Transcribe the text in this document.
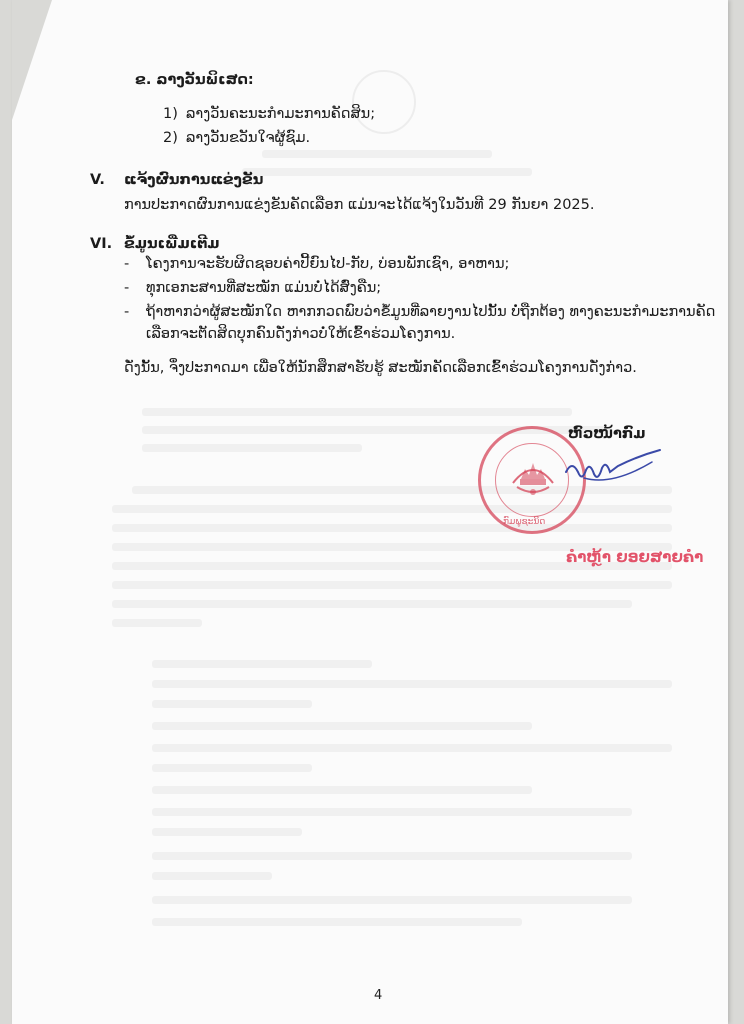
ຂ. ລາງວັນພິເສດ:
1) ລາງວັນຄະນະກຳມະການຄັດສິນ;
2) ລາງວັນຂວັນໃຈຜູ້ຊົມ.
V. ແຈ້ງຜົນການແຂ່ງຂັນ
ການປະກາດຜົນການແຂ່ງຂັນຄັດເລືອກ ແມ່ນຈະໄດ້ແຈ້ງໃນວັນທີ 29 ກັນຍາ 2025.
VI. ຂໍ້ມູນເພີ່ມເຕີມ
- ໂຄງການຈະຮັບຜິດຊອບຄ່າປີ້ຍົນໄປ-ກັບ, ບ່ອນພັກເຊົາ, ອາຫານ;
- ທຸກເອກະສານທີ່ສະໝັກ ແມ່ນບໍ່ໄດ້ສົ່ງຄືນ;
- ຖ້າຫາກວ່າຜູ້ສະໝັກໃດ ຫາກກວດພົບວ່າຂໍ້ມູນທີ່ລາຍງານໄປນັ້ນ ບໍ່ຖືກຕ້ອງ ທາງຄະນະກຳມະການຄັດ
ເລືອກຈະຕັດສິດບຸກຄົນດັ່ງກ່າວບໍ່ໃຫ້ເຂົ້າຮ່ວມໂຄງການ.
ດັ່ງນັ້ນ, ຈຶ່ງປະກາດມາ ເພື່ອໃຫ້ນັກສຶກສາຮັບຮູ້ ສະໝັກຄັດເລືອກເຂົ້າຮ່ວມໂຄງການດັ່ງກ່າວ.
ຫົວໜ້າກົມ
ກົມພູຊະນິດ
ຄຳຫຼ້າ ຍອຍສາຍຄຳ
4
